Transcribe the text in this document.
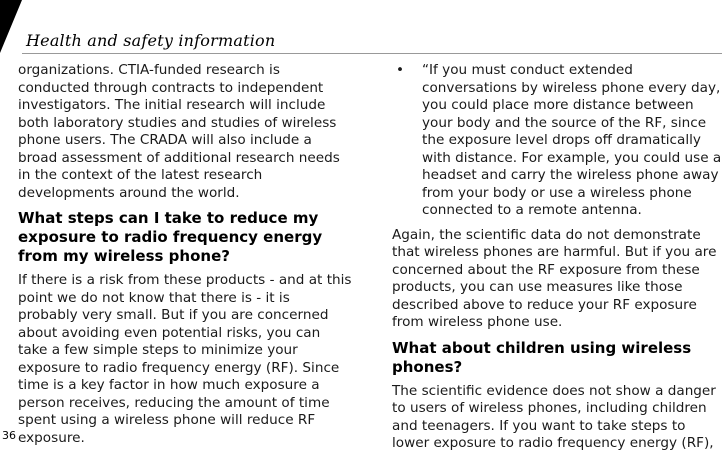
Health and safety information

organizations. CTIA-funded research is conducted through contracts to independent investigators. The initial research will include both laboratory studies and studies of wireless phone users. The CRADA will also include a broad assessment of additional research needs in the context of the latest research developments around the world.

What steps can I take to reduce my exposure to radio frequency energy from my wireless phone?

If there is a risk from these products - and at this point we do not know that there is - it is probably very small. But if you are concerned about avoiding even potential risks, you can take a few simple steps to minimize your exposure to radio frequency energy (RF). Since time is a key factor in how much exposure a person receives, reducing the amount of time spent using a wireless phone will reduce RF exposure.

•	“If you must conduct extended conversations by wireless phone every day, you could place more distance between your body and the source of the RF, since the exposure level drops off dramatically with distance. For example, you could use a headset and carry the wireless phone away from your body or use a wireless phone connected to a remote antenna.

Again, the scientific data do not demonstrate that wireless phones are harmful. But if you are concerned about the RF exposure from these products, you can use measures like those described above to reduce your RF exposure from wireless phone use.

What about children using wireless phones?

The scientific evidence does not show a danger to users of wireless phones, including children and teenagers. If you want to take steps to lower exposure to radio frequency energy (RF),

36
